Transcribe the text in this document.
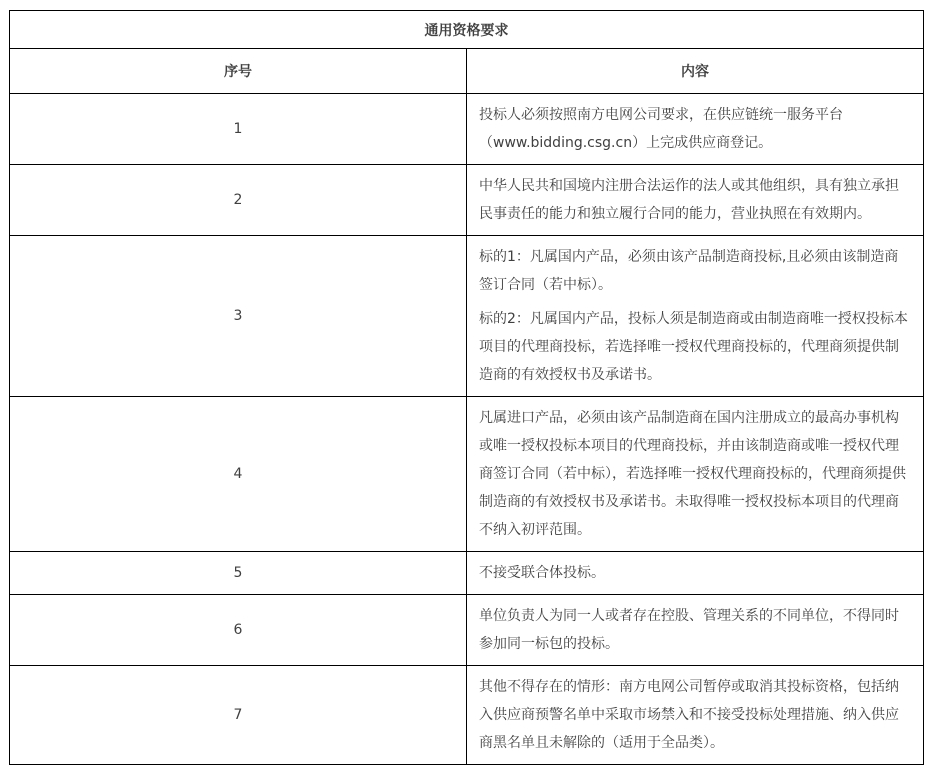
通用资格要求	
序号	内容
1	投标人必须按照南方电网公司要求，在供应链统一服务平台（www.bidding.csg.cn）上完成供应商登记。

2	中华人民共和国境内注册合法运作的法人或其他组织，具有独立承担民事责任的能力和独立履行合同的能力，营业执照在有效期内。

3	标的1：凡属国内产品，必须由该产品制造商投标,且必须由该制造商签订合同（若中标）。

标的2：凡属国内产品，投标人须是制造商或由制造商唯一授权投标本项目的代理商投标，若选择唯一授权代理商投标的，代理商须提供制造商的有效授权书及承诺书。

4	凡属进口产品，必须由该产品制造商在国内注册成立的最高办事机构或唯一授权投标本项目的代理商投标，并由该制造商或唯一授权代理商签订合同（若中标），若选择唯一授权代理商投标的，代理商须提供制造商的有效授权书及承诺书。未取得唯一授权投标本项目的代理商不纳入初评范围。

5	不接受联合体投标。

6	单位负责人为同一人或者存在控股、管理关系的不同单位，不得同时参加同一标包的投标。

7	其他不得存在的情形：南方电网公司暂停或取消其投标资格，包括纳入供应商预警名单中采取市场禁入和不接受投标处理措施、纳入供应商黑名单且未解除的（适用于全品类）。
